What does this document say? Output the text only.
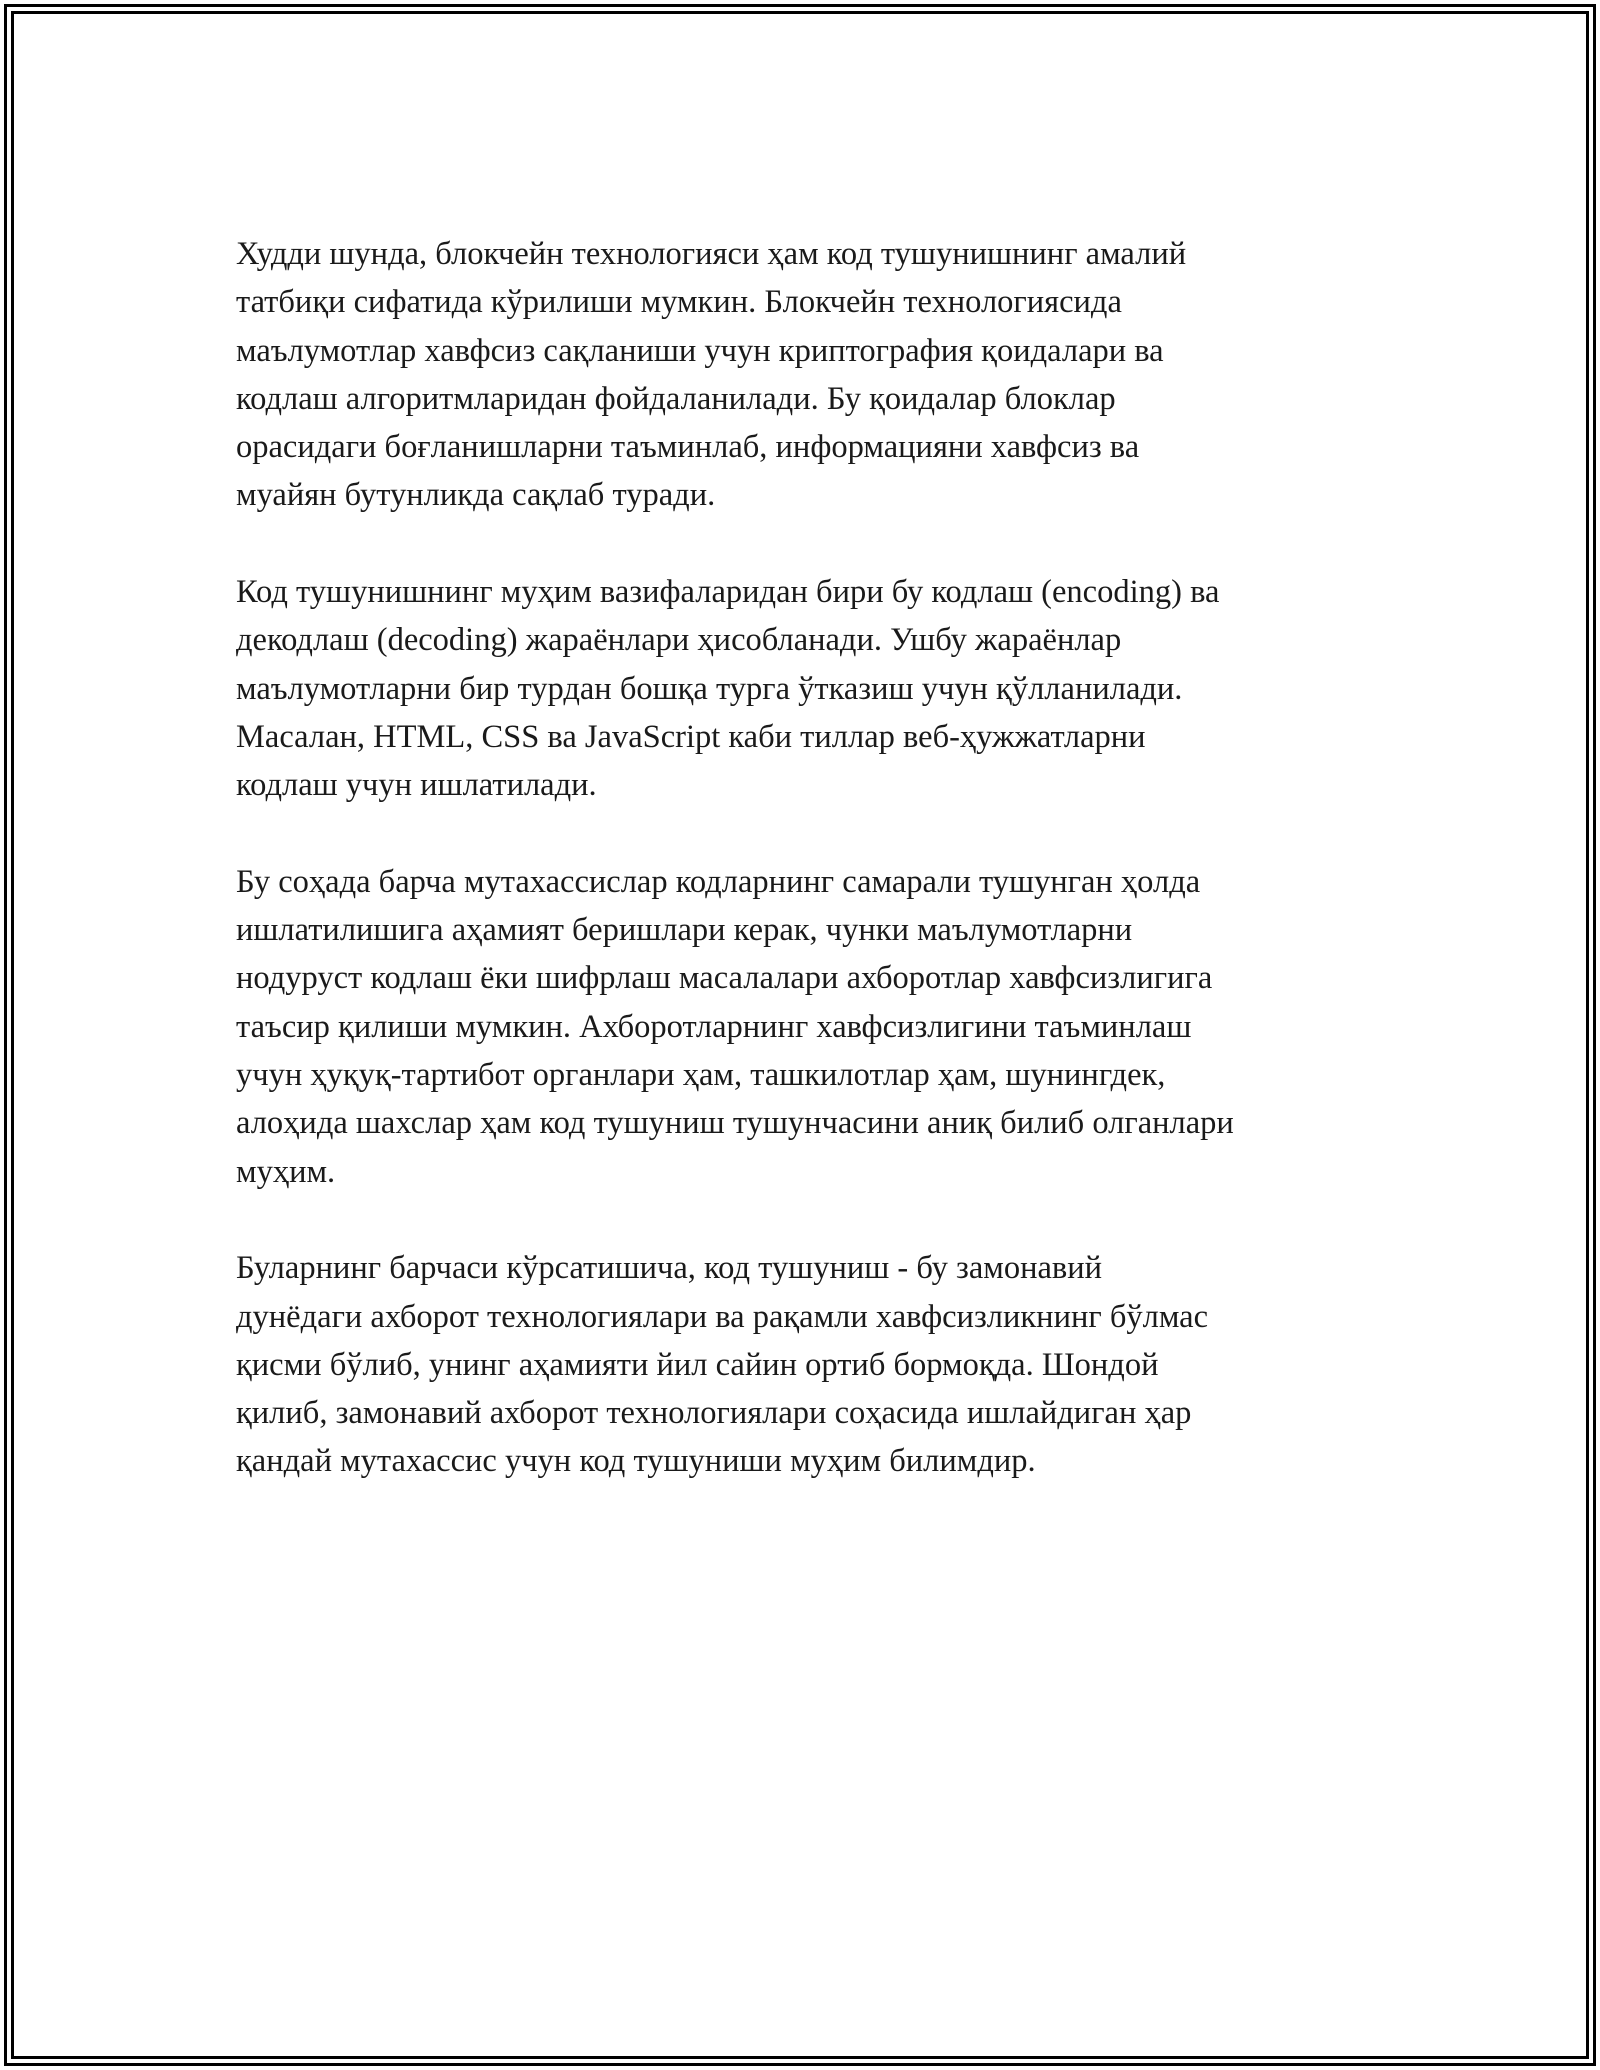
Худди шунда, блокчейн технологияси ҳам код тушунишнинг амалий
татбиқи сифатида кўрилиши мумкин. Блокчейн технологиясида
маълумотлар хавфсиз сақланиши учун криптография қоидалари ва
кодлаш алгоритмларидан фойдаланилади. Бу қоидалар блоклар
орасидаги боғланишларни таъминлаб, информацияни хавфсиз ва
муайян бутунликда сақлаб туради.

Код тушунишнинг муҳим вазифаларидан бири бу кодлаш (encoding) ва
декодлаш (decoding) жараёнлари ҳисобланади. Ушбу жараёнлар
маълумотларни бир турдан бошқа турга ўтказиш учун қўлланилади.
Масалан, HTML, CSS ва JavaScript каби тиллар веб-ҳужжатларни
кодлаш учун ишлатилади.

Бу соҳада барча мутахассислар кодларнинг самарали тушунган ҳолда
ишлатилишига аҳамият беришлари керак, чунки маълумотларни
нодуруст кодлаш ёки шифрлаш масалалари ахборотлар хавфсизлигига
таъсир қилиши мумкин. Ахборотларнинг хавфсизлигини таъминлаш
учун ҳуқуқ-тартибот органлари ҳам, ташкилотлар ҳам, шунингдек,
алоҳида шахслар ҳам код тушуниш тушунчасини аниқ билиб олганлари
муҳим.

Буларнинг барчаси кўрсатишича, код тушуниш - бу замонавий
дунёдаги ахборот технологиялари ва рақамли хавфсизликнинг бўлмас
қисми бўлиб, унинг аҳамияти йил сайин ортиб бормоқда. Шондой
қилиб, замонавий ахборот технологиялари соҳасида ишлайдиган ҳар
қандай мутахассис учун код тушуниши муҳим билимдир.
